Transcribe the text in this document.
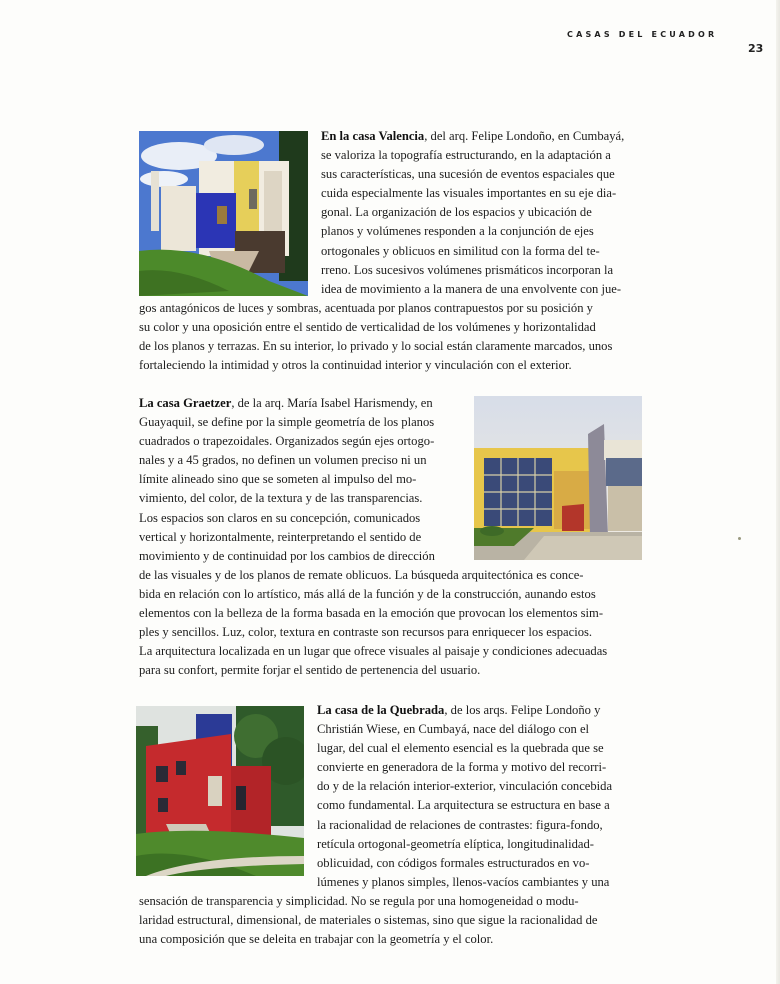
CASAS DEL ECUADOR
23

En la casa Valencia, del arq. Felipe Londoño, en Cumbayá,

se valoriza la topografía estructurando, en la adaptación a

sus características, una sucesión de eventos espaciales que

cuida especialmente las visuales importantes en su eje dia-

gonal. La organización de los espacios y ubicación de

planos y volúmenes responden a la conjunción de ejes

ortogonales y oblicuos en similitud con la forma del te-

rreno. Los sucesivos volúmenes prismáticos incorporan la

idea de movimiento a la manera de una envolvente con jue-

gos antagónicos de luces y sombras, acentuada por planos contrapuestos por su posición y

su color y una oposición entre el sentido de verticalidad de los volúmenes y horizontalidad

de los planos y terrazas. En su interior, lo privado y lo social están claramente marcados, unos

fortaleciendo la intimidad y otros la continuidad interior y vinculación con el exterior.

La casa Graetzer, de la arq. María Isabel Harismendy, en

Guayaquil, se define por la simple geometría de los planos

cuadrados o trapezoidales. Organizados según ejes ortogo-

nales y a 45 grados, no definen un volumen preciso ni un

límite alineado sino que se someten al impulso del mo-

vimiento, del color, de la textura y de las transparencias.

Los espacios son claros en su concepción, comunicados

vertical y horizontalmente, reinterpretando el sentido de

movimiento y de continuidad por los cambios de dirección

de las visuales y de los planos de remate oblicuos. La búsqueda arquitectónica es conce-

bida en relación con lo artístico, más allá de la función y de la construcción, aunando estos

elementos con la belleza de la forma basada en la emoción que provocan los elementos sim-

ples y sencillos. Luz, color, textura en contraste son recursos para enriquecer los espacios.

La arquitectura localizada en un lugar que ofrece visuales al paisaje y condiciones adecuadas

para su confort, permite forjar el sentido de pertenencia del usuario.

La casa de la Quebrada, de los arqs. Felipe Londoño y

Christián Wiese, en Cumbayá, nace del diálogo con el

lugar, del cual el elemento esencial es la quebrada que se

convierte en generadora de la forma y motivo del recorri-

do y de la relación interior-exterior, vinculación concebida

como fundamental. La arquitectura se estructura en base a

la racionalidad de relaciones de contrastes: figura-fondo,

retícula ortogonal-geometría elíptica, longitudinalidad-

oblicuidad, con códigos formales estructurados en vo-

lúmenes y planos simples, llenos-vacíos cambiantes y una

sensación de transparencia y simplicidad. No se regula por una homogeneidad o modu-

laridad estructural, dimensional, de materiales o sistemas, sino que sigue la racionalidad de

una composición que se deleita en trabajar con la geometría y el color.
